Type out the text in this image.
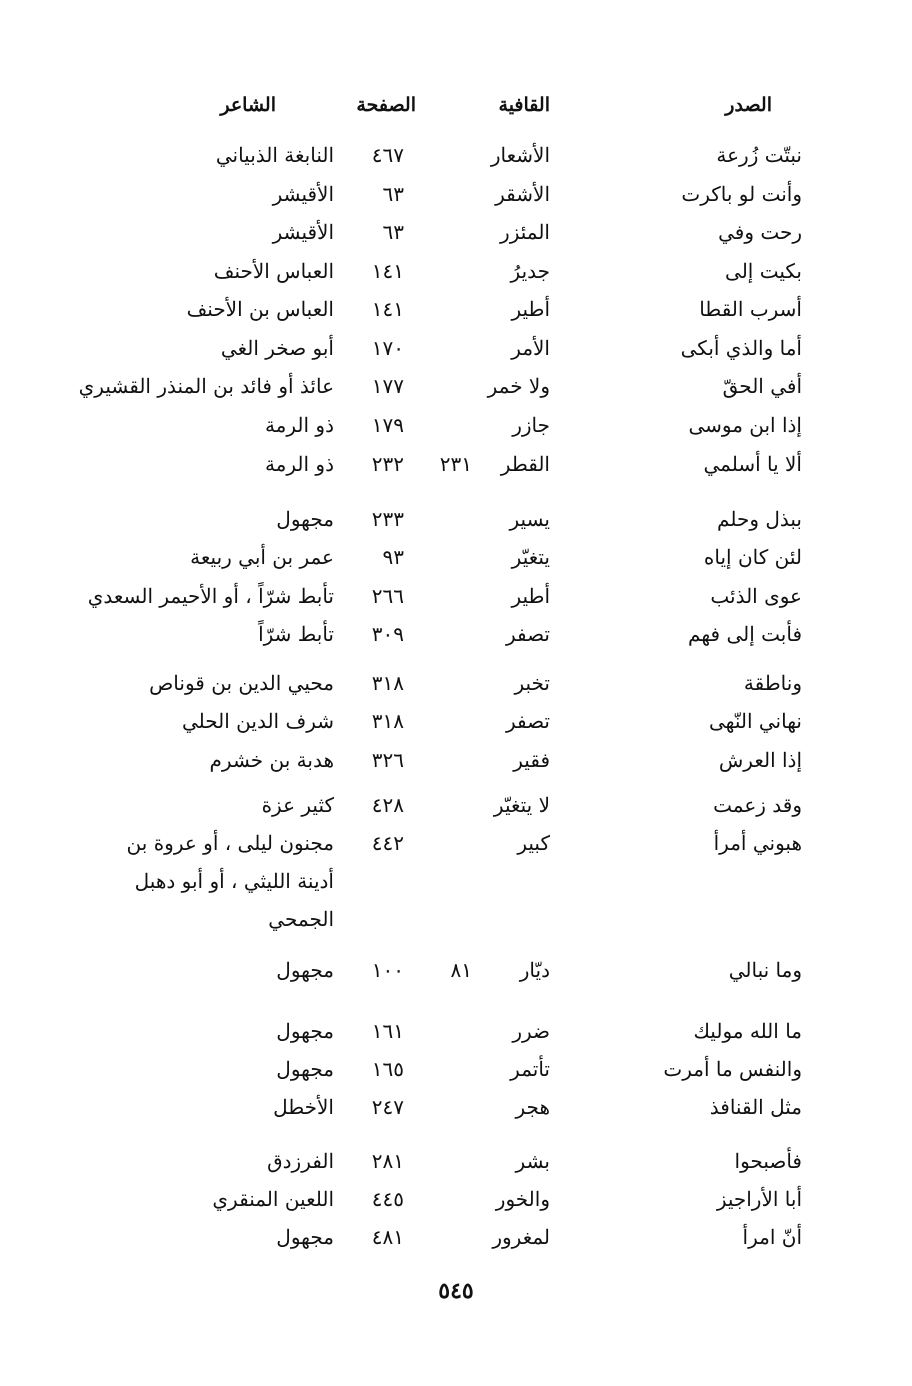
الصدر
القافية
الصفحة
الشاعر
نبتّت زُرعة
الأشعار
٤٦٧
النابغة الذبياني
وأنت لو باكرت
الأشقر
٦٣
الأقيشر
رحت وفي
المئزر
٦٣
الأقيشر
بكيت إلى
جديرُ
١٤١
العباس الأحنف
أسرب القطا
أطير
١٤١
العباس بن الأحنف
أما والذي أبكى
الأمر
١٧٠
أبو صخر الغي
أفي الحقّ
ولا خمر
١٧٧
عائذ أو فائد بن المنذر القشيري
إذا ابن موسى
جازر
١٧٩
ذو الرمة
ألا يا أسلمي
القطر
٢٣١
٢٣٢
ذو الرمة
ببذل وحلم
يسير
٢٣٣
مجهول
لئن كان إياه
يتغيّر
٩٣
عمر بن أبي ربيعة
عوى الذئب
أطير
٢٦٦
تأبط شرّاً ، أو الأحيمر السعدي
فأبت إلى فهم
تصفر
٣٠٩
تأبط شرّاً
وناطقة
تخبر
٣١٨
محيي الدين بن قوناص
نهاني النّهى
تصفر
٣١٨
شرف الدين الحلي
إذا العرش
فقير
٣٢٦
هدبة بن خشرم
وقد زعمت
لا يتغيّر
٤٢٨
كثير عزة
هبوني أمرأ
كبير
٤٤٢
مجنون ليلى ، أو عروة بن
أدينة الليثي ، أو أبو دهبل
الجمحي
وما نبالي
ديّار
٨١
١٠٠
مجهول
ما الله موليك
ضرر
١٦١
مجهول
والنفس ما أمرت
تأتمر
١٦٥
مجهول
مثل القنافذ
هجر
٢٤٧
الأخطل
فأصبحوا
بشر
٢٨١
الفرزدق
أبا الأراجيز
والخور
٤٤٥
اللعين المنقري
أنّ امرأ
لمغرور
٤٨١
مجهول
٥٤٥
